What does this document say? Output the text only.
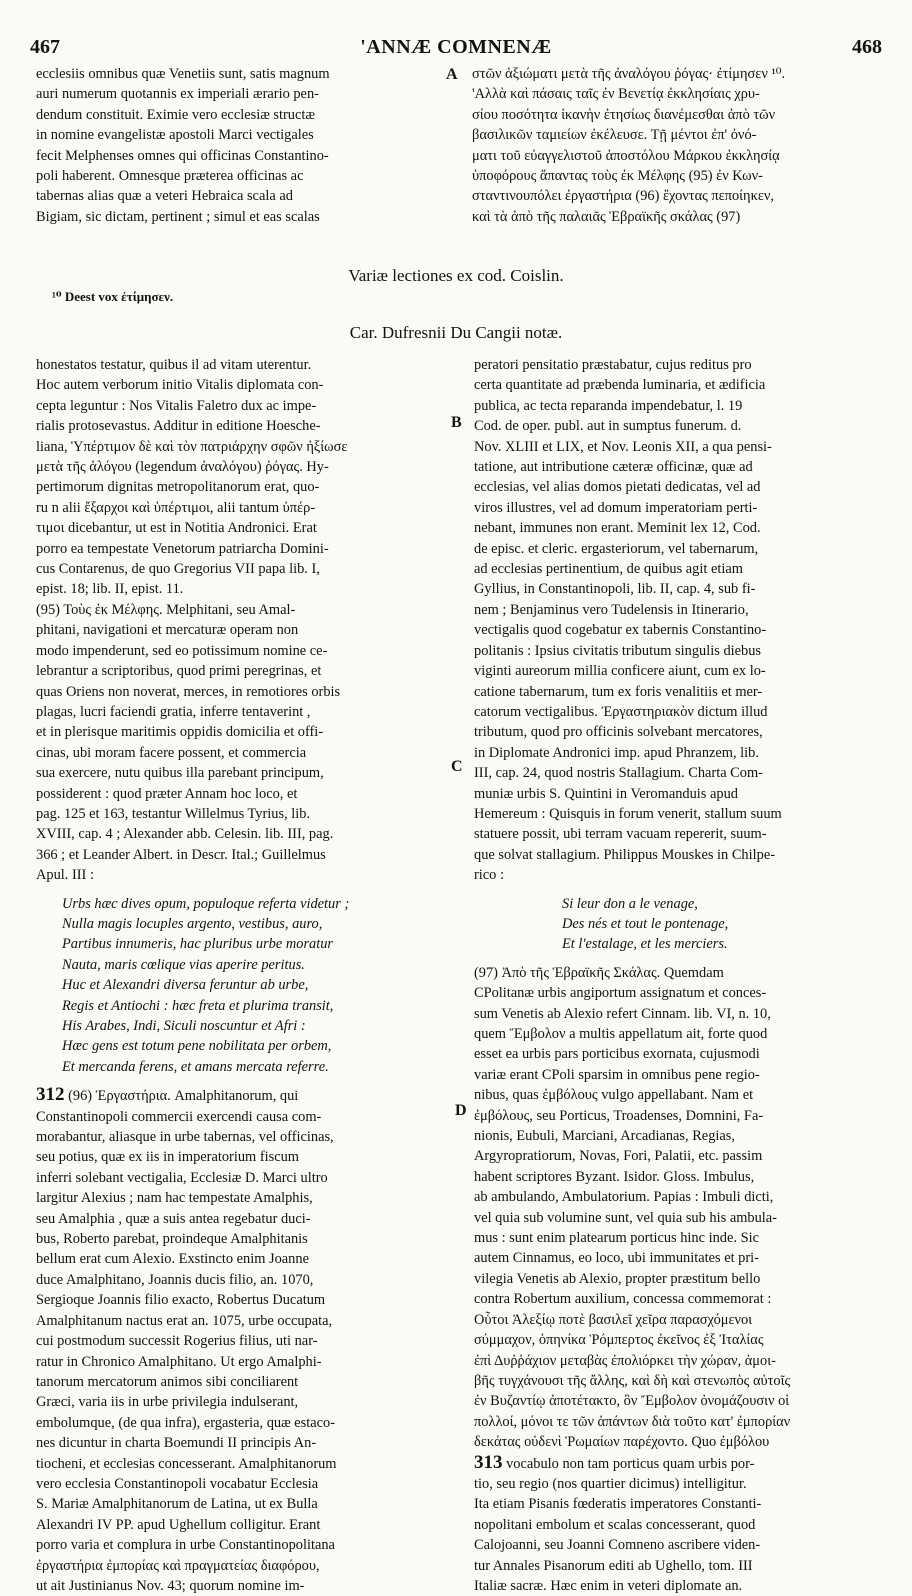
467	'ANNÆ COMNENÆ	468
ecclesiis omnibus quæ Venetiis sunt, satis magnum
auri numerum quotannis ex imperiali ærario pen-
dendum constituit. Eximie vero ecclesiæ structæ
in nomine evangelistæ apostoli Marci vectigales
fecit Melphenses omnes qui officinas Constantino-
poli haberent. Omnesque præterea officinas ac
tabernas alias quæ a veteri Hebraica scala ad
Bigiam, sic dictam, pertinent ; simul et eas scalas
A στῶν ἀξιώματι μετὰ τῆς ἀναλόγου ῥόγας· ἐτίμησεν ¹⁰.
'Αλλὰ καὶ πάσαις ταῖς ἐν Βενετίᾳ ἐκκλησίαις χρυ-
σίου ποσότητα ἱκανὴν ἐτησίως διανέμεσθαι ἀπὸ τῶν
βασιλικῶν ταμιείων ἐκέλευσε. Τῇ μέντοι ἐπ' ὀνό-
ματι τοῦ εὐαγγελιστοῦ ἀποστόλου Μάρκου ἐκκλησίᾳ
ὑποφόρους ἅπαντας τοὺς ἐκ Μέλφης (95) ἐν Κων-
σταντινουπόλει ἐργαστήρια (96) ἔχοντας πεποίηκεν,
καὶ τὰ ἀπὸ τῆς παλαιᾶς Ἑβραϊκῆς σκάλας (97)
Variæ lectiones ex cod. Coislin.
¹⁰ Deest vox ἐτίμησεν.
Car. Dufresnii Du Cangii notæ.
B
C
D
honestatos testatur, quibus il ad vitam uterentur.
Hoc autem verborum initio Vitalis diplomata con-
cepta leguntur : Nos Vitalis Faletro dux ac impe-
rialis protosevastus. Additur in editione Hoesche-
liana, Ὑπέρτιμον δὲ καὶ τὸν πατριάρχην σφῶν ἠξίωσε
μετὰ τῆς ἀλόγου (legendum ἀναλόγου) ῥόγας. Hy-
pertimorum dignitas metropolitanorum erat, quo-
ru n alii ἔξαρχοι καὶ ὑπέρτιμοι, alii tantum ὑπέρ-
τιμοι dicebantur, ut est in Notitia Andronici. Erat
porro ea tempestate Venetorum patriarcha Domini-
cus Contarenus, de quo Gregorius VII papa lib. I,
epist. 18; lib. II, epist. 11.
(95) Τοὺς ἐκ Μέλφης. Melphitani, seu Amal-
phitani, navigationi et mercaturæ operam non
modo impenderunt, sed eo potissimum nomine ce-
lebrantur a scriptoribus, quod primi peregrinas, et
quas Oriens non noverat, merces, in remotiores orbis
plagas, lucri faciendi gratia, inferre tentaverint ,
et in plerisque maritimis oppidis domicilia et offi-
cinas, ubi moram facere possent, et commercia
sua exercere, nutu quibus illa parebant principum,
possiderent : quod præter Annam hoc loco, et
pag. 125 et 163, testantur Willelmus Tyrius, lib.
XVIII, cap. 4 ; Alexander abb. Celesin. lib. III, pag.
366 ; et Leander Albert. in Descr. Ital.; Guillelmus
Apul. III :
Urbs hæc dives opum, populoque referta videtur ;
Nulla magis locuples argento, vestibus, auro,
Partibus innumeris, hac pluribus urbe moratur
Nauta, maris cœlique vias aperire peritus.
Huc et Alexandri diversa feruntur ab urbe,
Regis et Antiochi : hæc freta et plurima transit,
His Arabes, Indi, Siculi noscuntur et Afri :
Hæc gens est totum pene nobilitata per orbem,
Et mercanda ferens, et amans mercata referre.
312 (96) Ἐργαστήρια. Amalphitanorum, qui
Constantinopoli commercii exercendi causa com-
morabantur, aliasque in urbe tabernas, vel officinas,
seu potius, quæ ex iis in imperatorium fiscum
inferri solebant vectigalia, Ecclesiæ D. Marci ultro
largitur Alexius ; nam hac tempestate Amalphis,
seu Amalphia , quæ a suis antea regebatur duci-
bus, Roberto parebat, proindeque Amalphitanis
bellum erat cum Alexio. Exstincto enim Joanne
duce Amalphitano, Joannis ducis filio, an. 1070,
Sergioque Joannis filio exacto, Robertus Ducatum
Amalphitanum nactus erat an. 1075, urbe occupata,
cui postmodum successit Rogerius filius, uti nar-
ratur in Chronico Amalphitano. Ut ergo Amalphi-
tanorum mercatorum animos sibi conciliarent
Græci, varia iis in urbe privilegia indulserant,
embolumque, (de qua infra), ergasteria, quæ estaco-
nes dicuntur in charta Boemundi II principis An-
tiocheni, et ecclesias concesserant. Amalphitanorum
vero ecclesia Constantinopoli vocabatur Ecclesia
S. Mariæ Amalphitanorum de Latina, ut ex Bulla
Alexandri IV PP. apud Ughellum colligitur. Erant
porro varia et complura in urbe Constantinopolitana
ἐργαστήρια ἐμπορίας καὶ πραγματείας διαφόρου,
ut ait Justinianus Nov. 43; quorum nomine im-
peratori pensitatio præstabatur, cujus reditus pro
certa quantitate ad præbenda luminaria, et ædificia
publica, ac tecta reparanda impendebatur, l. 19
Cod. de oper. publ. aut in sumptus funerum. d.
Nov. XLIII et LIX, et Nov. Leonis XII, a qua pensi-
tatione, aut intributione cæteræ officinæ, quæ ad
ecclesias, vel alias domos pietati dedicatas, vel ad
viros illustres, vel ad domum imperatoriam perti-
nebant, immunes non erant. Meminit lex 12, Cod.
de episc. et cleric. ergasteriorum, vel tabernarum,
ad ecclesias pertinentium, de quibus agit etiam
Gyllius, in Constantinopoli, lib. II, cap. 4, sub fi-
nem ; Benjaminus vero Tudelensis in Itinerario,
vectigalis quod cogebatur ex tabernis Constantino-
politanis : Ipsius civitatis tributum singulis diebus
viginti aureorum millia conficere aiunt, cum ex lo-
catione tabernarum, tum ex foris venalitiis et mer-
catorum vectigalibus. Ἐργαστηριακὸν dictum illud
tributum, quod pro officinis solvebant mercatores,
in Diplomate Andronici imp. apud Phranzem, lib.
III, cap. 24, quod nostris Stallagium. Charta Com-
muniæ urbis S. Quintini in Veromanduis apud
Hemereum : Quisquis in forum venerit, stallum suum
statuere possit, ubi terram vacuam repererit, suum-
que solvat stallagium. Philippus Mouskes in Chilpe-
rico :
Si leur don a le venage,
Des nés et tout le pontenage,
Et l'estalage, et les merciers.
(97) Ἀπὸ τῆς Ἑβραϊκῆς Σκάλας. Quemdam
CPolitanæ urbis angiportum assignatum et conces-
sum Venetis ab Alexio refert Cinnam. lib. VI, n. 10,
quem Ἔμβολον a multis appellatum ait, forte quod
esset ea urbis pars porticibus exornata, cujusmodi
variæ erant CPoli sparsim in omnibus pene regio-
nibus, quas ἐμβόλους vulgo appellabant. Nam et
ἐμβόλους, seu Porticus, Troadenses, Domnini, Fa-
nionis, Eubuli, Marciani, Arcadianas, Regias,
Argyropratiorum, Novas, Fori, Palatii, etc. passim
habent scriptores Byzant. Isidor. Gloss. Imbulus,
ab ambulando, Ambulatorium. Papias : Imbuli dicti,
vel quia sub volumine sunt, vel quia sub his ambula-
mus : sunt enim platearum porticus hinc inde. Sic
autem Cinnamus, eo loco, ubi immunitates et pri-
vilegia Venetis ab Alexio, propter præstitum bello
contra Robertum auxilium, concessa commemorat :
Οὗτοι Ἀλεξίῳ ποτὲ βασιλεῖ χεῖρα παρασχόμενοι
σύμμαχον, ὁπηνίκα Ῥόμπερτος ἐκεῖνος ἐξ Ἰταλίας
ἐπὶ Δυῤῥάχιον μεταβὰς ἐπολιόρκει τὴν χώραν, ἀμοι-
βῆς τυγχάνουσι τῆς ἄλλης, καὶ δὴ καὶ στενωπὸς αὐτοῖς
ἐν Βυζαντίῳ ἀποτέτακτο, ὃν Ἔμβολον ὀνομάζουσιν οἱ
πολλοί, μόνοι τε τῶν ἁπάντων διὰ τοῦτο κατ' ἐμπορίαν
δεκάτας οὐδενὶ Ῥωμαίων παρέχοντο. Quo ἐμβόλου
313 vocabulo non tam porticus quam urbis por-
tio, seu regio (nos quartier dicimus) intelligitur.
Ita etiam Pisanis fœderatis imperatores Constanti-
nopolitani embolum et scalas concesserant, quod
Calojoanni, seu Joanni Comneno ascribere viden-
tur Annales Pisanorum editi ab Ughello, tom. III
Italiæ sacræ. Hæc enim in veteri diplomate an.
